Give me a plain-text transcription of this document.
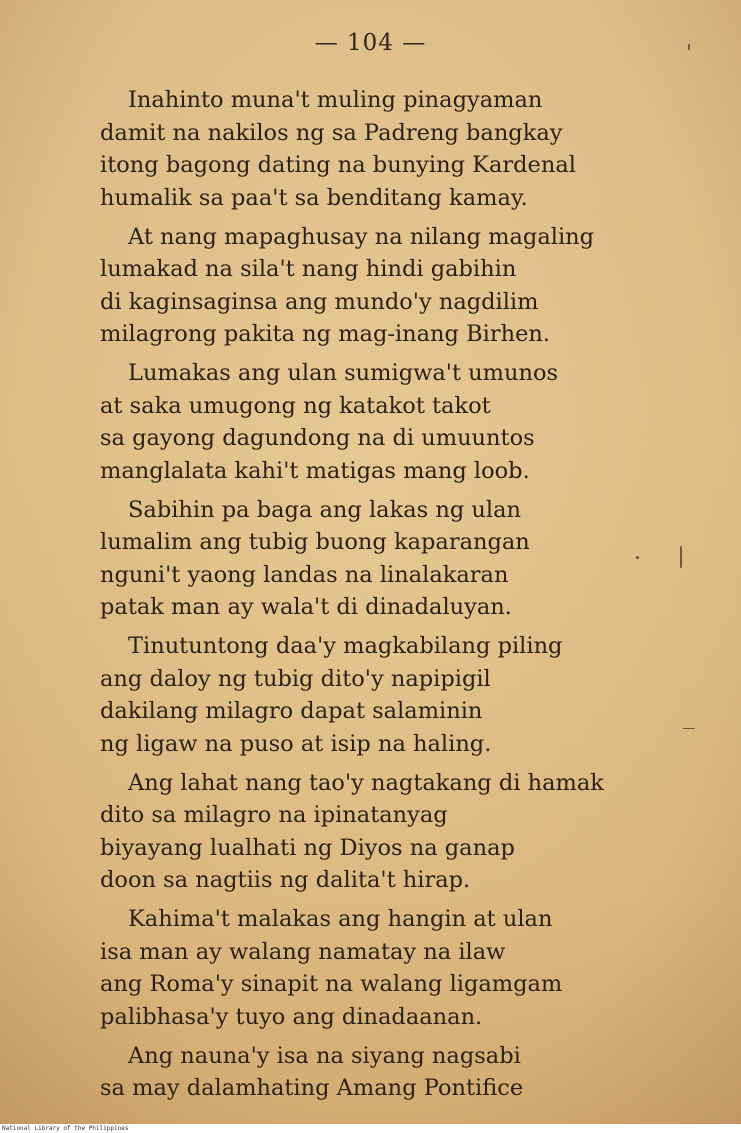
— 104 —
Inahinto muna't muling pinagyaman
damit na nakilos ng sa Padreng bangkay
itong bagong dating na bunying Kardenal
humalik sa paa't sa benditang kamay.
At nang mapaghusay na nilang magaling
lumakad na sila't nang hindi gabihin
di kaginsaginsa ang mundo'y nagdilim
milagrong pakita ng mag-inang Birhen.
Lumakas ang ulan sumigwa't umunos
at saka umugong ng katakot takot
sa gayong dagundong na di umuuntos
manglalata kahi't matigas mang loob.
Sabihin pa baga ang lakas ng ulan
lumalim ang tubig buong kaparangan
nguni't yaong landas na linalakaran
patak man ay wala't di dinadaluyan.
Tinutuntong daa'y magkabilang piling
ang daloy ng tubig dito'y napipigil
dakilang milagro dapat salaminin
ng ligaw na puso at isip na haling.
Ang lahat nang tao'y nagtakang di hamak
dito sa milagro na ipinatanyag
biyayang lualhati ng Diyos na ganap
doon sa nagtiis ng dalita't hirap.
Kahima't malakas ang hangin at ulan
isa man ay walang namatay na ilaw
ang Roma'y sinapit na walang ligamgam
palibhasa'y tuyo ang dinadaanan.
Ang nauna'y isa na siyang nagsabi
sa may dalamhating Amang Pontifice
National Library of the Philippines
